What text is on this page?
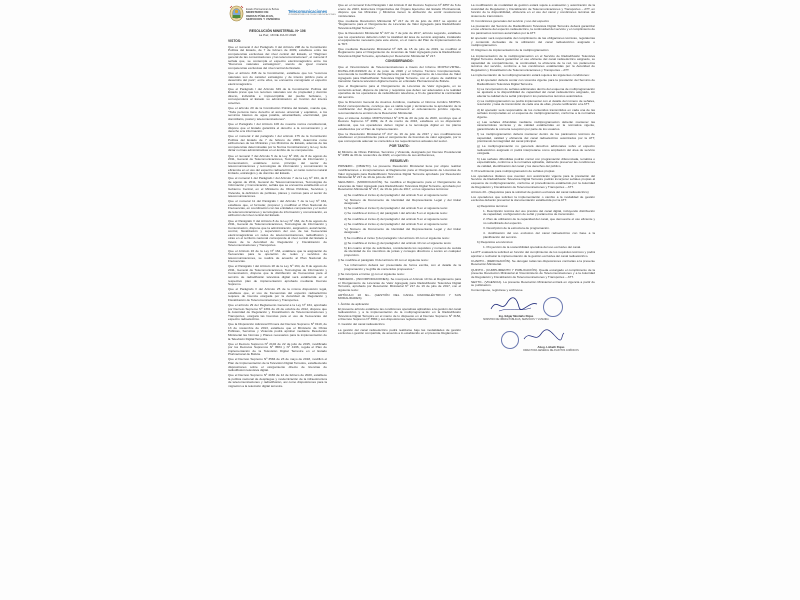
Estado Plurinacional de Bolivia
MINISTERIO DE
OBRAS PÚBLICAS,
SERVICIOS Y VIVIENDA
Telecomunicaciones
VICEMINISTERIO DE TELECOMUNICACIONES
RESOLUCIÓN MINISTERIAL Nº 106
La Paz, 18 DE JULIO 2020
VISTOS:
Que el numeral 2 del Parágrafo II del Artículo 298 de la Constitución Política del Estado, de 7 de febrero de 2009, establece entre las competencias exclusivas del nivel central del Estado, el "Régimen general de las comunicaciones y las telecomunicaciones", el numeral 3 señala que, se contempla el espectro electromagnético entre los "Recursos naturales estratégicos", siendo de igual manera competencias exclusivas del nivel central del Estado.
Que el artículo 348 de la Constitución, establece que los "recursos naturales son de carácter estratégico y de interés público para el desarrollo del país", entre ellos, se encuentra consignado el espectro electromagnético.
Que el Parágrafo I del Artículo 349 de la Constitución Política del Estado prevé que los recursos naturales son de propiedad y dominio directo, indivisible e imprescriptible del pueblo boliviano, y corresponderá al Estado su administración en función del interés colectivo.
Que el artículo 20 de la Constitución Política del Estado, manda que, "Toda persona tiene derecho al acceso universal y equitativo, a los servicios básicos de agua potable, alcantarillado, electricidad, gas domiciliario, postal y telecomunicaciones".
Que el Parágrafo I del Artículo 106 de nuestra norma constitucional, dispone que el Estado garantiza el derecho a la comunicación y el derecho a la información.
Que el numeral 2 del parágrafo I del artículo 175 de la Constitución Política del Estado de 7 de febrero de 2009, determina como atribuciones de las Ministras y los Ministros de Estado, además de las competencias determinadas por la Norma Constitucional y la Ley, la de dictar normas administrativas en el ámbito de su competencia.
Que el numeral 7 del Artículo 5 de la Ley Nº 164, de 8 de agosto de 2011, General de Telecomunicaciones, Tecnologías de Información y Comunicación, establece como principio del sector de telecomunicaciones y tecnologías de información y comunicación la eficiencia en el uso del espectro radioeléctrico, en tanto recurso natural limitado, estratégico y de dominio del Estado.
Que el numeral 1 del Parágrafo I del Artículo 7 de la Ley Nº 164, de 8 de agosto de 2011, General de Telecomunicaciones, Tecnologías de Información y Comunicación, señala que se encuentra establecido en el Gobierno Central, en el Ministerio de Obras Públicas, Servicios y Vivienda, la definición de políticas, planes y normas para el sector de telecomunicaciones.
Que el numeral 11 del Parágrafo I del Artículo 7 de la Ley Nº 164, establece que, el formular, proponer y modificar el Plan Nacional de Frecuencias, en coordinación con las entidades competentes y el sector de telecomunicaciones y tecnologías de información y comunicación, es atribución del nivel central del Estado.
Que el Parágrafo II del Artículo 8 de la Ley Nº 164, de 8 de agosto de 2011, General de Telecomunicaciones, Tecnologías de Información y Comunicación, dispone que la administración, asignación, autorización, control, fiscalización y supervisión del uso de las frecuencias electromagnéticas en redes de telecomunicaciones, radiodifusión y otras en el territorio nacional corresponde al nivel central del Estado a través de la Autoridad de Regulación y Fiscalización de Telecomunicaciones y Transportes.
Que el Artículo 16 de la Ley Nº 164, establece que la asignación de frecuencias para la operación de redes y servicios de telecomunicaciones, se realiza de acuerdo al Plan Nacional de Frecuencias.
Que el Parágrafo I del Artículo 18 de la Ley Nº 164, de 8 de agosto de 2011, General de Telecomunicaciones, Tecnologías de Información y Comunicación, dispone que la distribución de frecuencias para el servicio de radiodifusión televisiva digital será establecida en el respectivo plan de implementación aprobado mediante Decreto Supremo.
Que el Parágrafo II del Artículo 25 de la misma disposición legal, establece que, el uso de frecuencias del espectro radioeléctrico requiere de licencia otorgada por la Autoridad de Regulación y Fiscalización de Telecomunicaciones y Transportes.
Que el artículo 29 del Reglamento General a la Ley Nº 164, aprobado por Decreto Supremo Nº 1391 de 24 de octubre de 2012, dispone que la Autoridad de Regulación y Fiscalización de Telecomunicaciones y Transportes, otorgará las licencias para el uso de frecuencias del espectro radioeléctrico.
Que la Disposición Adicional Primera del Decreto Supremo Nº 0119, de 13 de noviembre de 2013, establece que el Ministerio de Obras Públicas, Servicios y Vivienda podrá aprobar mediante Resolución Ministerial las Normas y Planes necesarios para la implementación de la Televisión Digital Terrestre.
Que el Decreto Supremo Nº 2102 de 22 de julio de 2015, modificado por los Decretos Supremos Nº 3584 y Nº 4166, regula el Plan de Implementación de la Televisión Digital Terrestre en el Estado Plurinacional de Bolivia.
Que el Decreto Supremo Nº 3584 de 23 de mayo de 2018, modificó el Plan de Implementación de la Televisión Digital Terrestre, estableciendo disposiciones sobre el otorgamiento directo de licencias de radiodifusión televisiva digital.
Que el Decreto Supremo Nº 4166 de 12 de febrero de 2020, establece la política nacional de despliegue y modernización de la infraestructura de telecomunicaciones y radiodifusión, así como disposiciones para la migración a la televisión digital terrestre.
Que en el numeral 9 del Parágrafo I del Artículo 8 del Decreto Supremo Nº 4857 de 6 de enero de 2023, Estructura Organizativa del Órgano Ejecutivo del Estado Plurinacional, dispone que las Ministras y Ministros tienen la atribución de emitir resoluciones ministeriales.
Que mediante Resolución Ministerial Nº 217 de 19 de julio de 2017 se aprobó el "Reglamento para el Otorgamiento de Licencias de Valor Agregado para Radiodifusión Televisiva Digital Terrestre".
Que la Resolución Ministerial Nº 227 de 7 de julio de 2017, artículo segundo, establece que los operadores deberán cubrir la totalidad del área de servicio asignada, instalando el equipamiento necesario para este efecto, en el marco del Plan de Implementación de la TDT.
Que mediante Resolución Ministerial Nº 326 de 15 de julio de 2019, se modificó el Reglamento para el Otorgamiento de Licencias de Valor Agregado para la Radiodifusión Televisiva Digital Terrestre, aprobado por Resolución Ministerial Nº 217.
CONSIDERANDO:
Que el Viceministerio de Telecomunicaciones a través del Informe MOPSV-VMTEL-DGTEL-INF-03/2020 de 2 de junio de 2020 y el Informe Técnico Complementario, recomienda la modificación del Reglamento para el Otorgamiento de Licencias de Valor Agregado para Radiodifusión Televisiva Digital Terrestre, con el objeto de viabilizar la transición hacia la televisión digital terrestre en el Estado Plurinacional de Bolivia.
Que el Reglamento para el Otorgamiento de Licencias de Valor Agregado, en su contenido actual, dispone de plazos y requisitos que deben ser adecuados a la realidad operativa de los operadores de radiodifusión televisiva, a fin de garantizar la continuidad del servicio.
Que la Dirección General de Asuntos Jurídicos, mediante el Informe Jurídico MOPSV-DGAJ correspondiente, concluye que es viable legal y técnicamente la aprobación de la modificación del Reglamento, al no contravenir el ordenamiento jurídico vigente, recomendando la emisión de la Resolución Ministerial.
Que el sistema Jurídico MOPSV-DGAJ Nº 278 de 20 de julio de 2020, concluye que el Decreto Supremo Nº 2689, de 8 de marzo de 2016, establece en su disposición adicional, que los operadores deben migrar a la tecnología digital en los plazos establecidos por el Plan de Implementación.
Que la Resolución Ministerial Nº 217 de 19 de julio de 2017 y sus modificaciones establecen el procedimiento para el otorgamiento de licencias de valor agregado, por lo que corresponde adecuar su contenido a los requerimientos actuales del sector.
POR TANTO:
El Ministro de Obras Públicas, Servicios y Vivienda, designado por Decreto Presidencial Nº 4389 de 09 de noviembre de 2020, en ejercicio de sus atribuciones,
RESUELVE:
PRIMERO.- (OBJETO). La presente Resolución Ministerial tiene por objeto realizar modificaciones e incorporaciones al Reglamento para el Otorgamiento de Licencias de Valor Agregado para Radiodifusión Televisiva Digital Terrestre aprobado por Resolución Ministerial Nº 217 de 19 de julio de 2017.
SEGUNDO.- (MODIFICACIÓN). Se modifica el Reglamento para el Otorgamiento de Licencias de Valor Agregado para Radiodifusión Televisiva Digital Terrestre, aprobado por Resolución Ministerial Nº 217, de 19 de julio de 2017, en los siguientes términos:
a) Se modifica el inciso a) del parágrafo I del artículo 5 en el siguiente texto:
"a) Número de Documento de Identidad del Representante Legal y del titular designado."
b) Se modifica el inciso b) del parágrafo I del artículo 5 en el siguiente texto:
c) Se modifica el inciso c) del parágrafo I del artículo 5 en el siguiente texto:
d) Se modifica el inciso d) del parágrafo I del artículo 5 en el siguiente texto:
e) Se modifica el inciso e) del parágrafo I del artículo 5 en el siguiente texto:
"e) Número de Documento de Identidad del Representante Legal y del titular designado."
f) Se modifica el inciso f) del parágrafo I del artículo 10 con el siguiente texto:
g) Se modifica el inciso g) del parágrafo I del artículo 10 con el siguiente texto:
h) En cuanto al tipo de solicitudes, considerando los requisitos y numeros de cedula de identidad de los miembros de juntas y consejos directivos o socios en cualquier proporción.
i) Se modifica el parágrafo III del artículo 10 con el siguiente texto:
"La información deberá ser presentada de forma escrita, con el detalle de la programación y la grilla de contenidos propuestos."
j) Se incorpora el inciso g) con el siguiente texto:
TERCERO.- (INCORPORACIONES). Se incorpora el Artículo 10 bis al Reglamento para el Otorgamiento de Licencias de Valor Agregado para Radiodifusión Televisiva Digital Terrestre, aprobado por Resolución Ministerial Nº 217 de 19 de julio de 2017, con el siguiente texto:
ARTÍCULO 10 bis.- (GESTIÓN DEL CANAL RADIOELÉCTRICO Y SUS MODALIDADES)
I. Ámbito de aplicación
El presente artículo establece las condiciones operativas aplicables a la gestión del canal radioeléctrico y a la implementación de la multiprogramación en la Radiodifusión Televisiva Digital Terrestre en el marco de lo dispuesto en el Decreto Supremo Nº 3152, el Decreto Supremo Nº 3584 y sus disposiciones reglamentarias.
II. Gestión del canal radioeléctrico
La gestión del canal radioeléctrico podrá realizarse bajo las modalidades de gestión exclusiva o gestión compartida, de acuerdo a lo establecido en el presente Reglamento.
La modificación de modalidad de gestión estará sujeta a evaluación y autorización de la Autoridad de Regulación y Fiscalización de Telecomunicaciones y Transportes – ATT, en función de la disponibilidad, eficiencia en el uso del canal y condiciones técnicas del sistema de transmisión.
III. Condiciones generales del servicio y uso del espectro
La prestación del Servicio de Radiodifusión Televisiva Digital Terrestre deberá garantizar el uso eficiente del espectro radioeléctrico, la continuidad del servicio y el cumplimiento de los parámetros técnicos autorizados por la ATT.
El operador será responsable del cumplimiento de las obligaciones técnicas, regulatorias y contenido derivadas de la utilización del canal radioeléctrico asignado o multiprogramación.
IV. Régimen de implementación de la multiprogramación
La implementación de la multiprogramación en el Servicio de Radiodifusión Televisiva Digital Terrestre deberá garantizar el uso eficiente del canal radioeléctrico asignado, su capacidad de compartimiento, la continuidad, la eficiencia de la red, los parámetros técnicos del servicio, conforme a las condiciones establecidas por la Autoridad de Regulación y Fiscalización de Telecomunicaciones y Transportes – ATT.
La implementación de la multiprogramación estará sujeta a las siguientes condiciones:
a) El operador deberá contar con Licencia vigente para la prestación del Servicio de Radiodifusión Televisiva Digital Terrestre.
b) La incorporación de señales adicionales dentro del esquema de multiprogramación se ajustará a la disponibilidad de capacidad del canal radioeléctrico asignado, sin afectar la calidad de la señal principal ni los parámetros técnicos autorizados.
c) La multiprogramación se podrá implementar con el detalle del número de señales, resolución y tasa de transmisión de cada una de ellas, previa notificación a la ATT.
d) El operador será responsable de los contenidos transmitidos en cada una de las señales incorporadas en el esquema de multiprogramación, conforme a la normativa vigente.
e) Las señales difundidas mediante multiprogramación deberán mantener las características técnicas y de calidad establecidas en la normativa vigente, garantizando la correcta recepción por parte de los usuarios.
f) La multiprogramación deberá mantener dentro de los parámetros técnicos de capacidad, calidad y eficiencia del canal radioeléctrico autorizados por la ATT, priorizando la integridad del canal principal.
g) La multiprogramación no generará derechos adicionales sobre el espectro radioeléctrico asignado ni podrá interpretarse como ampliación del área de servicio otorgada.
h) Las señales difundidas podrán contar con programación diferenciada, temática o especializada, conforme a la normativa aplicable, debiendo preservar las condiciones de calidad, identificación del canal y los derechos del público.
V. Procedimiento para multiprogramación de señales propias
Los operadores titulares que cuenten con autorización vigente para la prestación del Servicio de Radiodifusión Televisiva Digital Terrestre podrán incorporar señales propias al esquema de multiprogramación, conforme al procedimiento establecido por la Autoridad de Regulación y Fiscalización de Telecomunicaciones y Transportes – ATT.
Artículo 20.- (Requisitos para la solicitud de gestión exclusiva del canal radioeléctrico)
Los operadores que soliciten la implementación o cambio a la modalidad de gestión exclusiva deberán presentar la documentación establecida por la ATT.
a) Requisitos técnicos:
1. Descripción técnica del uso previsto del canal digital, incluyendo distribución de capacidad, configuración de señal y parámetros de transmisión.
2. Plan de utilización de la capacidad del canal, que demuestre el uso eficiente y no subutilizado del espectro.
3. Descripción de la estructura de programación.
4. Justificación del uso exclusivo del canal radioeléctrico con base a la planificación del servicio.
b) Requisitos económicos:
1. Proyección de la sostenibilidad operativa del uso exclusivo del canal.
La ATT evaluará la solicitud en función del cumplimiento de los requisitos técnicos y podrá aprobar o rechazar la implementación de la gestión exclusiva del canal radioeléctrico.
CUARTO.- (DEROGACIÓN). Se derogan todas las disposiciones contrarias a la presente Resolución Ministerial.
QUINTO.- (CUMPLIMIENTO Y PUBLICACIÓN). Queda encargado el cumplimiento de la presente Resolución Ministerial al Viceministerio de Telecomunicaciones y a la Autoridad de Regulación y Fiscalización de Telecomunicaciones y Transportes – ATT.
SEXTO.- (VIGENCIA). La presente Resolución Ministerial entrará en vigencia a partir de su publicación.
Comuníquese, regístrese y archívese.
Ing. Edgar Montaño Rojas
MINISTRO DE OBRAS PÚBLICAS, SERVICIOS Y VIVIENDA
Abog. Lizbeth Rojas
DIRECTORA GENERAL DE ASUNTOS JURÍDICOS
